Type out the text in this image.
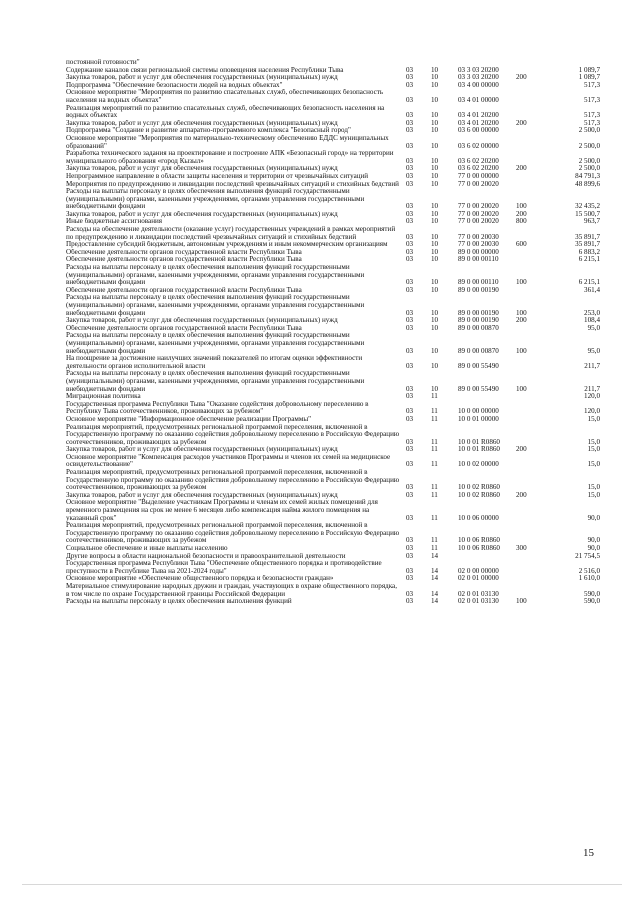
постоянной готовности"					
Содержание каналов связи региональной системы оповещения населения Республики Тыва	03	10	03 3 03 20200		1 089,7
Закупка товаров, работ и услуг для обеспечения государственных (муниципальных) нужд	03	10	03 3 03 20200	200	1 089,7
Подпрограмма "Обеспечение безопасности людей на водных объектах"	03	10	03 4 00 00000		517,3
Основное мероприятие "Мероприятия по развитию спасательных служб, обеспечивающих безопасность населения на водных объектах"	03	10	03 4 01 00000		517,3
Реализация мероприятий по развитию спасательных служб, обеспечивающих безопасность населения на водных объектах	03	10	03 4 01 20200		517,3
Закупка товаров, работ и услуг для обеспечения государственных (муниципальных) нужд	03	10	03 4 01 20200	200	517,3
Подпрограмма "Создание и развитие аппаратно-программного комплекса "Безопасный город"	03	10	03 6 00 00000		2 500,0
Основное мероприятие "Мероприятия по материально-техническому обеспечению ЕДДС муниципальных образований"	03	10	03 6 02 00000		2 500,0
Разработка технического задания на проектирование и построение АПК «Безопасный город» на территории муниципального образования «город Кызыл»	03	10	03 6 02 20200		2 500,0
Закупка товаров, работ и услуг для обеспечения государственных (муниципальных) нужд	03	10	03 6 02 20200	200	2 500,0
Непрограммное направление в области защиты населения и территории от чрезвычайных ситуаций	03	10	77 0 00 00000		84 791,3
Мероприятия по предупреждению и ликвидации последствий чрезвычайных ситуаций и стихийных бедствий	03	10	77 0 00 20020		48 899,6
Расходы на выплаты персоналу в целях обеспечения выполнения функций государственными (муниципальными) органами, казенными учреждениями, органами управления государственными внебюджетными фондами	03	10	77 0 00 20020	100	32 435,2
Закупка товаров, работ и услуг для обеспечения государственных (муниципальных) нужд	03	10	77 0 00 20020	200	15 500,7
Иные бюджетные ассигнования	03	10	77 0 00 20020	800	963,7
Расходы на обеспечение деятельности (оказание услуг) государственных учреждений в рамках мероприятий по предупреждению и ликвидации последствий чрезвычайных ситуаций и стихийных бедствий	03	10	77 0 00 20030		35 891,7
Предоставление субсидий бюджетным, автономным учреждениям и иным некоммерческим организациям	03	10	77 0 00 20030	600	35 891,7
Обеспечение деятельности органов государственной власти Республики Тыва	03	10	89 0 00 00000		6 883,2
Обеспечение деятельности органов государственной власти Республики Тыва	03	10	89 0 00 00110		6 215,1
Расходы на выплаты персоналу в целях обеспечения выполнения функций государственными (муниципальными) органами, казенными учреждениями, органами управления государственными внебюджетными фондами	03	10	89 0 00 00110	100	6 215,1
Обеспечение деятельности органов государственной власти Республики Тыва	03	10	89 0 00 00190		361,4
Расходы на выплаты персоналу в целях обеспечения выполнения функций государственными (муниципальными) органами, казенными учреждениями, органами управления государственными внебюджетными фондами	03	10	89 0 00 00190	100	253,0
Закупка товаров, работ и услуг для обеспечения государственных (муниципальных) нужд	03	10	89 0 00 00190	200	108,4
Обеспечение деятельности органов государственной власти Республики Тыва	03	10	89 0 00 00870		95,0
Расходы на выплаты персоналу в целях обеспечения выполнения функций государственными (муниципальными) органами, казенными учреждениями, органами управления государственными внебюджетными фондами	03	10	89 0 00 00870	100	95,0
На поощрение за достижение наилучших значений показателей по итогам оценки эффективности деятельности органов исполнительной власти	03	10	89 0 00 55490		211,7
Расходы на выплаты персоналу в целях обеспечения выполнения функций государственными (муниципальными) органами, казенными учреждениями, органами управления государственными внебюджетными фондами	03	10	89 0 00 55490	100	211,7
Миграционная политика	03	11			120,0
Государственная программа Республики Тыва "Оказание содействия добровольному переселению в Республику Тыва соотечественников, проживающих за рубежом"	03	11	10 0 00 00000		120,0
Основное мероприятие "Информационное обеспечение реализации Программы"	03	11	10 0 01 00000		15,0
Реализация мероприятий, предусмотренных региональной программой переселения, включенной в Государственную программу по оказанию содействия добровольному переселению в Российскую Федерацию соотечественников, проживающих за рубежом	03	11	10 0 01 R0860		15,0
Закупка товаров, работ и услуг для обеспечения государственных (муниципальных) нужд	03	11	10 0 01 R0860	200	15,0
Основное мероприятие "Компенсация расходов участников Программы и членов их семей на медицинское освидетельствование"	03	11	10 0 02 00000		15,0
Реализация мероприятий, предусмотренных региональной программой переселения, включенной в Государственную программу по оказанию содействия добровольному переселению в Российскую Федерацию соотечественников, проживающих за рубежом	03	11	10 0 02 R0860		15,0
Закупка товаров, работ и услуг для обеспечения государственных (муниципальных) нужд	03	11	10 0 02 R0860	200	15,0
Основное мероприятие "Выделение участникам Программы и членам их семей жилых помещений для временного размещения на срок не менее 6 месяцев либо компенсация найма жилого помещения на указанный срок"	03	11	10 0 06 00000		90,0
Реализация мероприятий, предусмотренных региональной программой переселения, включенной в Государственную программу по оказанию содействия добровольному переселению в Российскую Федерацию соотечественников, проживающих за рубежом	03	11	10 0 06 R0860		90,0
Социальное обеспечение и иные выплаты населению	03	11	10 0 06 R0860	300	90,0
Другие вопросы в области национальной безопасности и правоохранительной деятельности	03	14			21 754,5
Государственная программа Республики Тыва "Обеспечение общественного порядка и противодействие преступности в Республике Тыва на 2021-2024 годы"	03	14	02 0 00 00000		2 516,0
Основное мероприятие «Обеспечение общественного порядка и безопасности граждан»	03	14	02 0 01 00000		1 610,0
Материальное стимулирование народных дружин и граждан, участвующих в охране общественного порядка, в том числе по охране Государственной границы Российской Федерации	03	14	02 0 01 03130		590,0
Расходы на выплаты персоналу в целях обеспечения выполнения функций	03	14	02 0 01 03130	100	590,0
15
